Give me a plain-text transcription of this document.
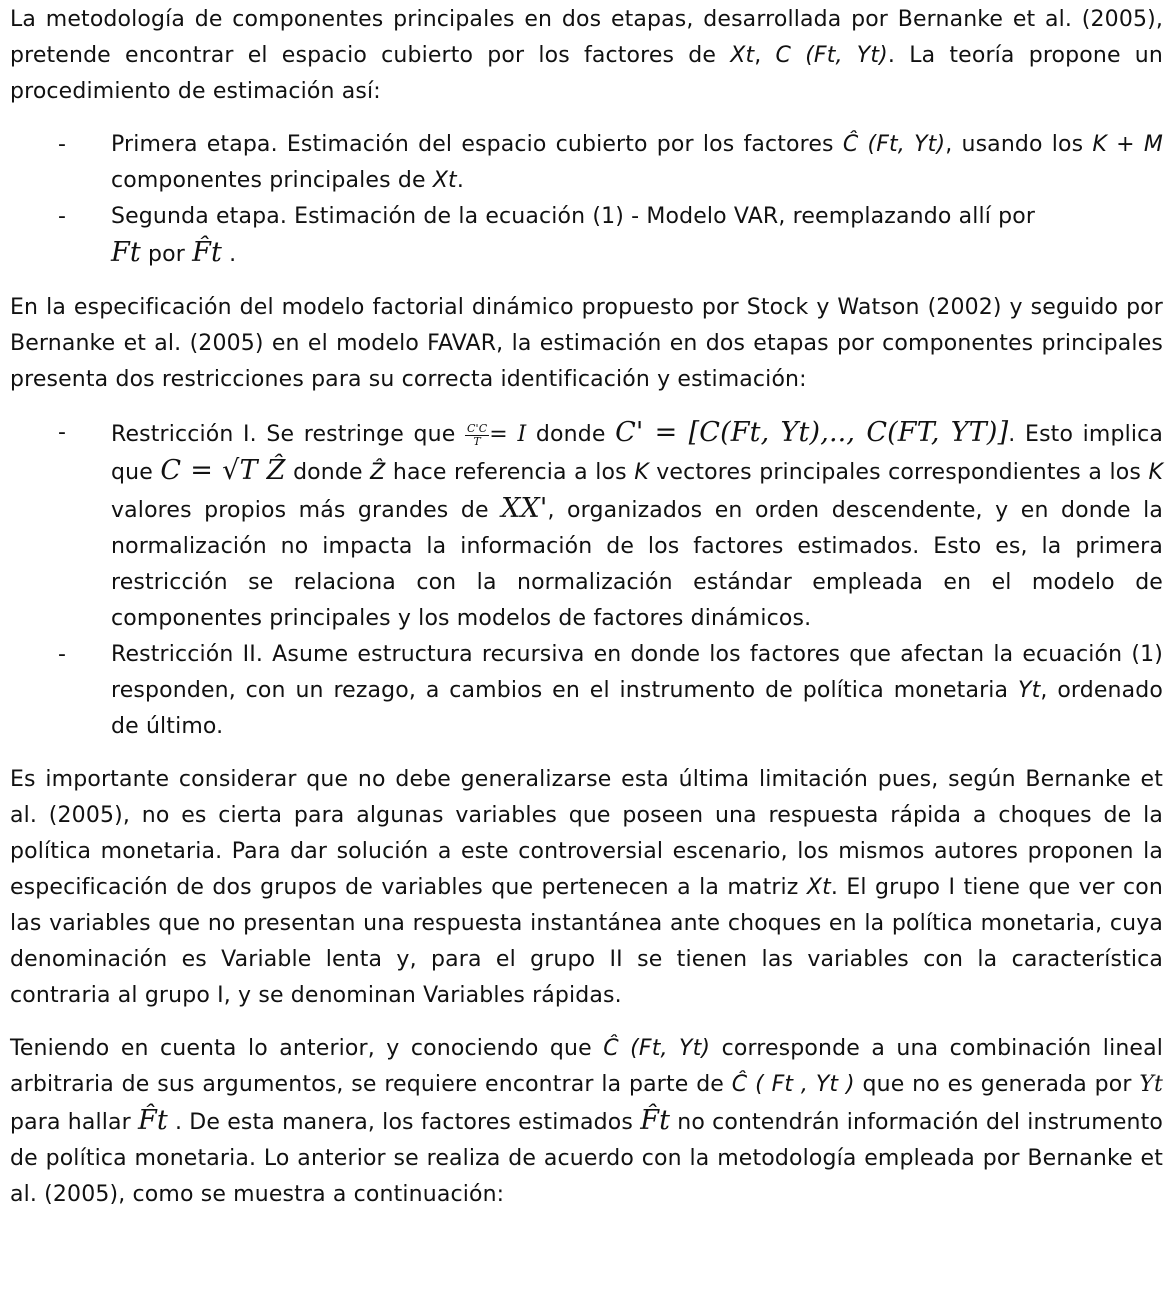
La metodología de componentes principales en dos etapas, desarrollada por Bernanke et al. (2005), pretende encontrar el espacio cubierto por los factores de Xt, C (Ft, Yt). La teoría propone un procedimiento de estimación así:

- Primera etapa. Estimación del espacio cubierto por los factores Ĉ (Ft, Yt), usando los K + M componentes principales de Xt.
- Segunda etapa. Estimación de la ecuación (1) - Modelo VAR, reemplazando allí por
Ft por F̂t .

En la especificación del modelo factorial dinámico propuesto por Stock y Watson (2002) y seguido por Bernanke et al. (2005) en el modelo FAVAR, la estimación en dos etapas por componentes principales presenta dos restricciones para su correcta identificación y estimación:

- Restricción I. Se restringe que $\frac{C'C}{T} = I$ donde C' = [C(Ft, Yt),.., C(FT, YT)]. Esto implica que C = √T Ẑ donde Ẑ hace referencia a los K vectores principales correspondientes a los K valores propios más grandes de XX', organizados en orden descendente, y en donde la normalización no impacta la información de los factores estimados. Esto es, la primera restricción se relaciona con la normalización estándar empleada en el modelo de componentes principales y los modelos de factores dinámicos.
- Restricción II. Asume estructura recursiva en donde los factores que afectan la ecuación (1) responden, con un rezago, a cambios en el instrumento de política monetaria Yt, ordenado de último.

Es importante considerar que no debe generalizarse esta última limitación pues, según Bernanke et al. (2005), no es cierta para algunas variables que poseen una respuesta rápida a choques de la política monetaria. Para dar solución a este controversial escenario, los mismos autores proponen la especificación de dos grupos de variables que pertenecen a la matriz Xt. El grupo I tiene que ver con las variables que no presentan una respuesta instantánea ante choques en la política monetaria, cuya denominación es Variable lenta y, para el grupo II se tienen las variables con la característica contraria al grupo I, y se denominan Variables rápidas.

Teniendo en cuenta lo anterior, y conociendo que Ĉ (Ft, Yt) corresponde a una combinación lineal arbitraria de sus argumentos, se requiere encontrar la parte de Ĉ ( Ft , Yt ) que no es generada por Yt para hallar F̂t . De esta manera, los factores estimados F̂t no contendrán información del instrumento de política monetaria. Lo anterior se realiza de acuerdo con la metodología empleada por Bernanke et al. (2005), como se muestra a continuación:
